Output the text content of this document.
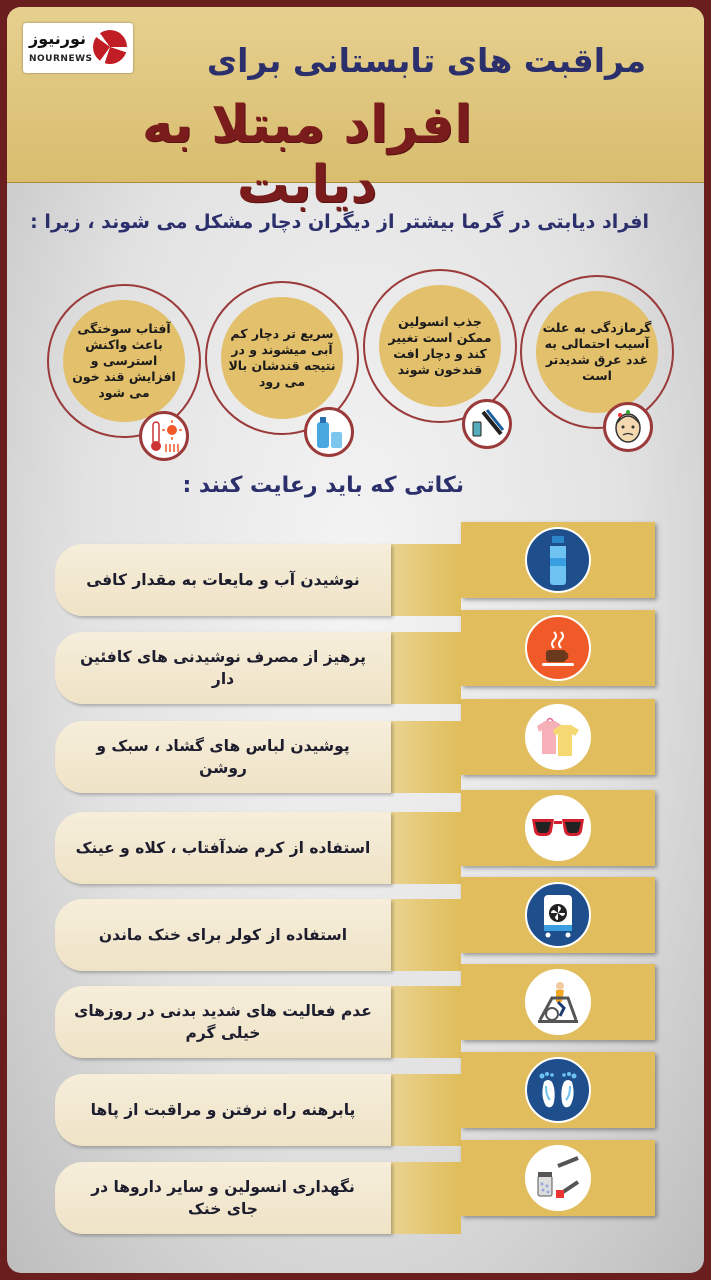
نورنیوز
NOURNEWS	مراقبت های تابستانی برای
افراد مبتلا به دیابت
افراد دیابتی در گرما بیشتر از دیگران دچار مشکل می شوند ، زیرا :
گرمازدگی به علت آسیب احتمالی به غدد عرق شدیدتر است
جذب انسولین ممکن است تغییر کند و دچار افت قندخون شوند
سریع تر دچار کم آبی میشوند و در نتیجه قندشان بالا می رود
آفتاب سوختگی باعث واکنش استرسی و افزایش قند خون می شود
نکاتی که باید رعایت کنند :
نوشیدن آب و مایعات به مقدار کافی
پرهیز از مصرف نوشیدنی های کافئین دار
پوشیدن لباس های گشاد ، سبک و روشن
استفاده از کرم ضدآفتاب ، کلاه و عینک
استفاده از کولر برای خنک ماندن
عدم فعالیت های شدید بدنی در روزهای خیلی گرم
پابرهنه راه نرفتن و مراقبت از پاها
نگهداری انسولین و سایر داروها در جای خنک
